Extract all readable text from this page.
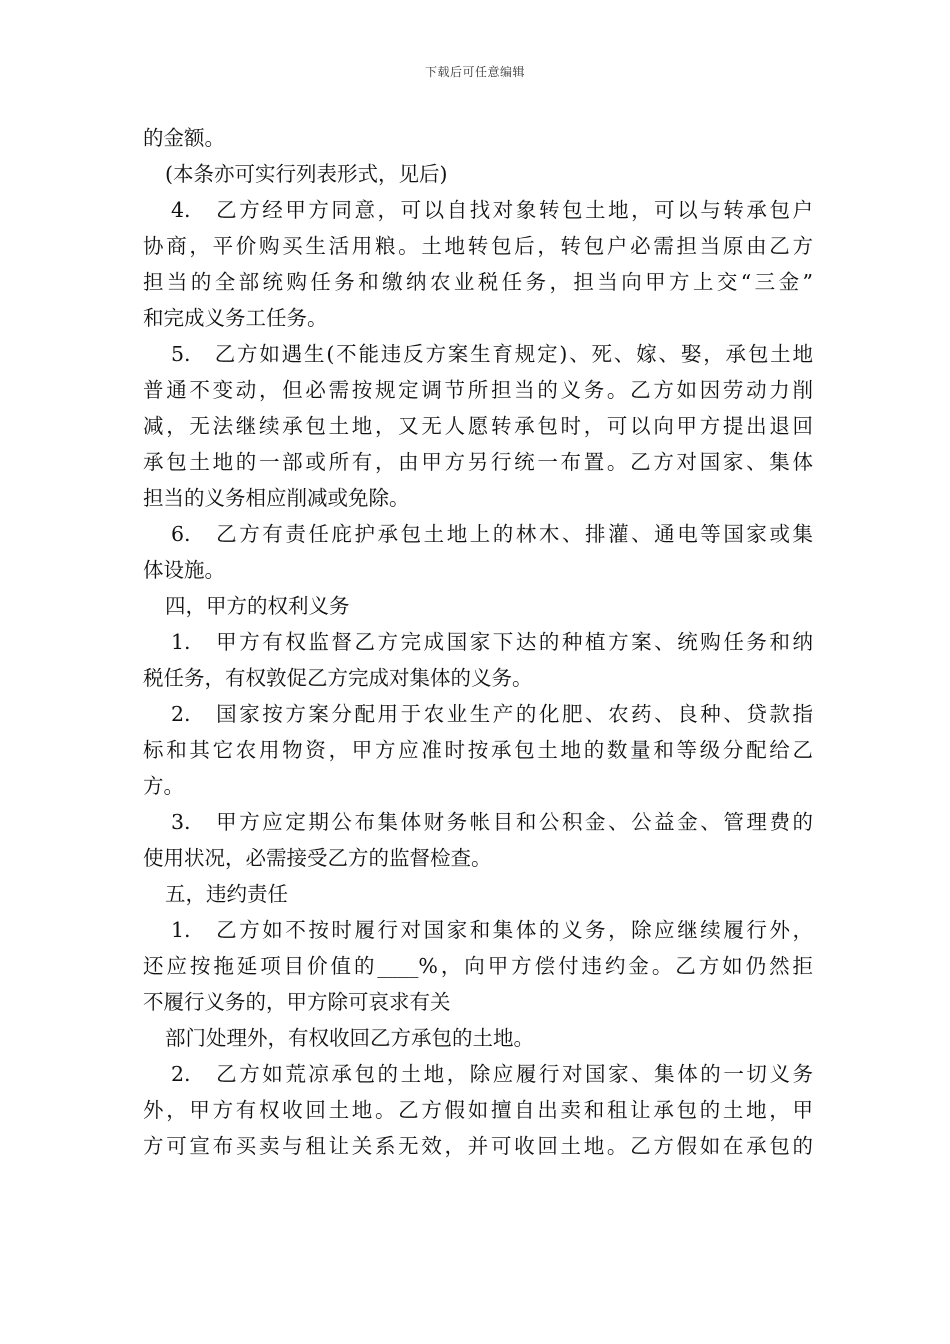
下载后可任意编辑
的金额。
(本条亦可实行列表形式，见后)
4.　乙方经甲方同意，可以自找对象转包土地，可以与转承包户
协商，平价购买生活用粮。土地转包后，转包户必需担当原由乙方
担当的全部统购任务和缴纳农业税任务，担当向甲方上交“三金”
和完成义务工任务。
5.　乙方如遇生(不能违反方案生育规定)、死、嫁、娶，承包土地
普通不变动，但必需按规定调节所担当的义务。乙方如因劳动力削
减，无法继续承包土地，又无人愿转承包时，可以向甲方提出退回
承包土地的一部或所有，由甲方另行统一布置。乙方对国家、集体
担当的义务相应削减或免除。
6.　乙方有责任庇护承包土地上的林木、排灌、通电等国家或集
体设施。
四，甲方的权利义务
1.　甲方有权监督乙方完成国家下达的种植方案、统购任务和纳
税任务，有权敦促乙方完成对集体的义务。
2.　国家按方案分配用于农业生产的化肥、农药、良种、贷款指
标和其它农用物资，甲方应准时按承包土地的数量和等级分配给乙
方。
3.　甲方应定期公布集体财务帐目和公积金、公益金、管理费的
使用状况，必需接受乙方的监督检查。
五，违约责任
1.　乙方如不按时履行对国家和集体的义务，除应继续履行外，
还应按拖延项目价值的____%，向甲方偿付违约金。乙方如仍然拒
不履行义务的，甲方除可哀求有关
部门处理外，有权收回乙方承包的土地。
2.　乙方如荒凉承包的土地，除应履行对国家、集体的一切义务
外，甲方有权收回土地。乙方假如擅自出卖和租让承包的土地，甲
方可宣布买卖与租让关系无效，并可收回土地。乙方假如在承包的
